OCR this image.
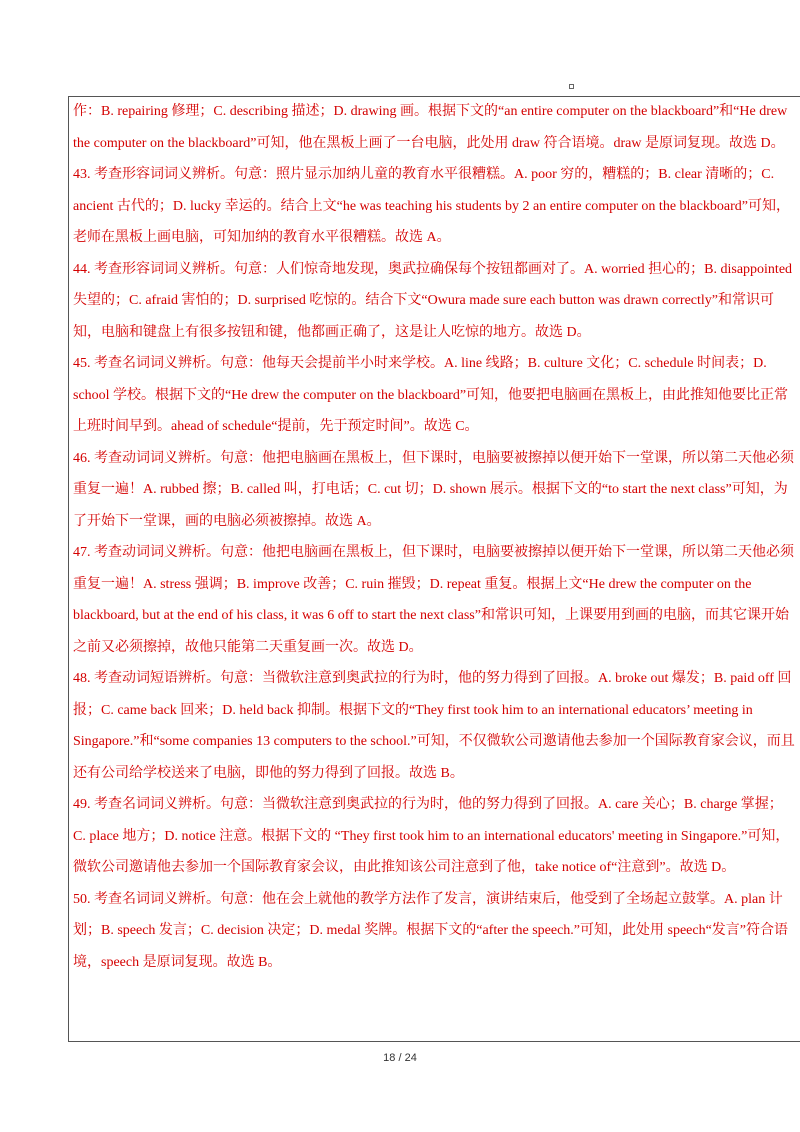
作：B. repairing 修理；C. describing 描述；D. drawing 画。根据下文的“an entire computer on the blackboard”和“He drew the computer on the blackboard”可知，他在黑板上画了一台电脑，此处用 draw 符合语境。draw 是原词复现。故选 D。

43. 考查形容词词义辨析。句意：照片显示加纳儿童的教育水平很糟糕。A. poor 穷的，糟糕的；B. clear 清晰的；C. ancient 古代的；D. lucky 幸运的。结合上文“he was teaching his students by 2 an entire computer on the blackboard”可知，老师在黑板上画电脑，可知加纳的教育水平很糟糕。故选 A。

44. 考查形容词词义辨析。句意：人们惊奇地发现，奥武拉确保每个按钮都画对了。A. worried 担心的；B. disappointed 失望的；C. afraid 害怕的；D. surprised 吃惊的。结合下文“Owura made sure each button was drawn correctly”和常识可知，电脑和键盘上有很多按钮和键，他都画正确了，这是让人吃惊的地方。故选 D。

45. 考查名词词义辨析。句意：他每天会提前半小时来学校。A. line 线路；B. culture 文化；C. schedule 时间表；D. school 学校。根据下文的“He drew the computer on the blackboard”可知，他要把电脑画在黑板上，由此推知他要比正常上班时间早到。ahead of schedule“提前，先于预定时间”。故选 C。

46. 考查动词词义辨析。句意：他把电脑画在黑板上，但下课时，电脑要被擦掉以便开始下一堂课，所以第二天他必须重复一遍！A. rubbed 擦；B. called 叫，打电话；C. cut 切；D. shown 展示。根据下文的“to start the next class”可知，为了开始下一堂课，画的电脑必须被擦掉。故选 A。

47. 考查动词词义辨析。句意：他把电脑画在黑板上，但下课时，电脑要被擦掉以便开始下一堂课，所以第二天他必须重复一遍！A. stress 强调；B. improve 改善；C. ruin 摧毁；D. repeat 重复。根据上文“He drew the computer on the blackboard, but at the end of his class, it was 6 off to start the next class”和常识可知，上课要用到画的电脑，而其它课开始之前又必须擦掉，故他只能第二天重复画一次。故选 D。

48. 考查动词短语辨析。句意：当微软注意到奥武拉的行为时，他的努力得到了回报。A. broke out 爆发；B. paid off 回报；C. came back 回来；D. held back 抑制。根据下文的“They first took him to an international educators’ meeting in Singapore.”和“some companies 13 computers to the school.”可知，不仅微软公司邀请他去参加一个国际教育家会议，而且还有公司给学校送来了电脑，即他的努力得到了回报。故选 B。

49. 考查名词词义辨析。句意：当微软注意到奥武拉的行为时，他的努力得到了回报。A. care 关心；B. charge 掌握；C. place 地方；D. notice 注意。根据下文的 “They first took him to an international educators' meeting in Singapore.”可知，微软公司邀请他去参加一个国际教育家会议，由此推知该公司注意到了他，take notice of“注意到”。故选 D。

50. 考查名词词义辨析。句意：他在会上就他的教学方法作了发言，演讲结束后，他受到了全场起立鼓掌。A. plan 计划；B. speech 发言；C. decision 决定；D. medal 奖牌。根据下文的“after the speech.”可知，此处用 speech“发言”符合语境，speech 是原词复现。故选 B。

18 / 24
